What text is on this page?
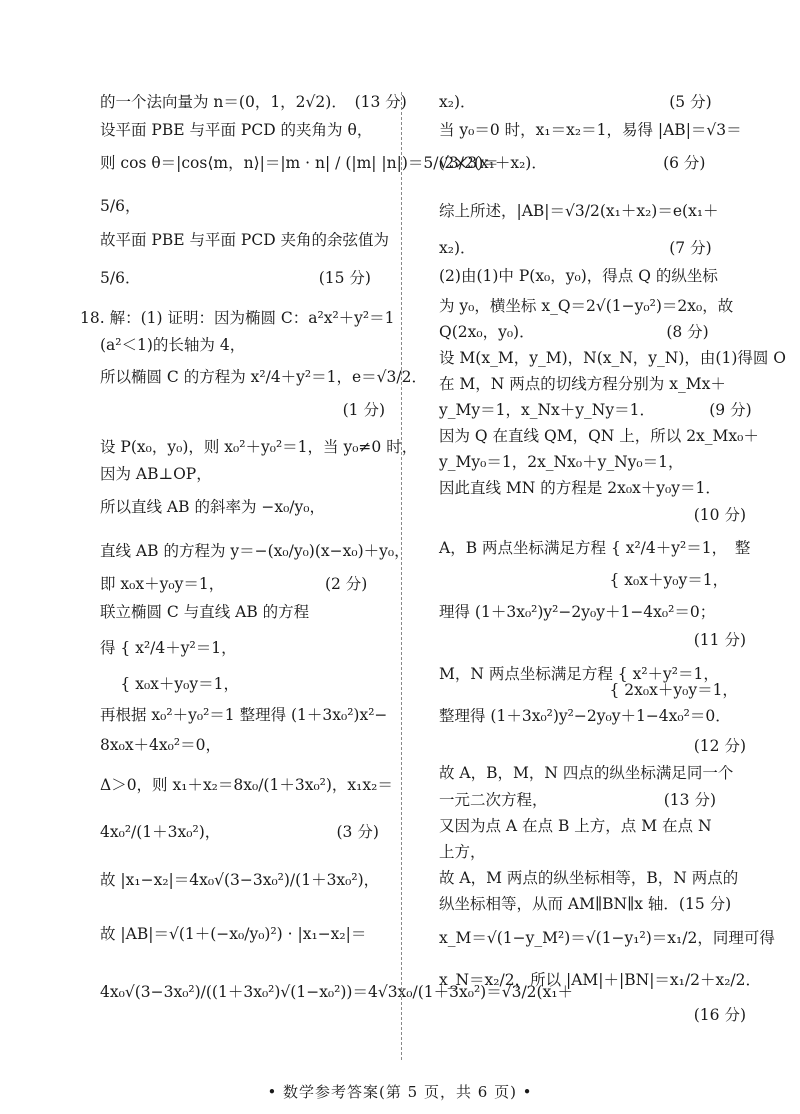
的一个法向量为 n＝(0，1，2√2)．　(13 分)
设平面 PBE 与平面 PCD 的夹角为 θ，
则 cos θ＝|cos⟨m，n⟩|＝|m · n| / (|m| |n|)＝5/(2×3)＝
5/6，
故平面 PBE 与平面 PCD 夹角的余弦值为
5/6．　　　　　　　　　　　　(15 分)
18. 解：(1) 证明：因为椭圆 C：a²x²＋y²＝1
(a²＜1)的长轴为 4，
所以椭圆 C 的方程为 x²/4＋y²＝1，e＝√3/2．
(1 分)
设 P(x₀，y₀)，则 x₀²＋y₀²＝1，当 y₀≠0 时，
因为 AB⊥OP，
所以直线 AB 的斜率为 −x₀/y₀，
直线 AB 的方程为 y＝−(x₀/y₀)(x−x₀)＋y₀，
即 x₀x＋y₀y＝1，　　　　　　　(2 分)
联立椭圆 C 与直线 AB 的方程
得 { x²/4＋y²＝1，
　 { x₀x＋y₀y＝1，
再根据 x₀²＋y₀²＝1 整理得 (1＋3x₀²)x²−
8x₀x＋4x₀²＝0，
Δ＞0，则 x₁＋x₂＝8x₀/(1＋3x₀²)，x₁x₂＝
4x₀²/(1＋3x₀²)，　　　　　　　　(3 分)
故 |x₁−x₂|＝4x₀√(3−3x₀²)/(1＋3x₀²)，
故 |AB|＝√(1＋(−x₀/y₀)²) · |x₁−x₂|＝
4x₀√(3−3x₀²)/((1＋3x₀²)√(1−x₀²))＝4√3x₀/(1＋3x₀²)＝√3/2(x₁＋
x₂)．　　　　　　　　　　　　　(5 分)
当 y₀＝0 时，x₁＝x₂＝1，易得 |AB|＝√3＝
√3/2(x₁＋x₂)．　　　　　　　　(6 分)
综上所述，|AB|＝√3/2(x₁＋x₂)＝e(x₁＋
x₂)．　　　　　　　　　　　　　(7 分)
(2)由(1)中 P(x₀，y₀)，得点 Q 的纵坐标
为 y₀，横坐标 x_Q＝2√(1−y₀²)＝2x₀，故
Q(2x₀，y₀)．　　　　　　　　　(8 分)
设 M(x_M，y_M)，N(x_N，y_N)，由(1)得圆 O
在 M，N 两点的切线方程分别为 x_Mx＋
y_My＝1，x_Nx＋y_Ny＝1．　　　　(9 分)
因为 Q 在直线 QM，QN 上，所以 2x_Mx₀＋
y_My₀＝1，2x_Nx₀＋y_Ny₀＝1，
因此直线 MN 的方程是 2x₀x＋y₀y＝1．
(10 分)
A，B 两点坐标满足方程 { x²/4＋y²＝1，　整
　　　　　　　　　　　{ x₀x＋y₀y＝1，
理得 (1＋3x₀²)y²−2y₀y＋1−4x₀²＝0；
(11 分)
M，N 两点坐标满足方程 { x²＋y²＝1，
　　　　　　　　　　　{ 2x₀x＋y₀y＝1，
整理得 (1＋3x₀²)y²−2y₀y＋1−4x₀²＝0．
(12 分)
故 A，B，M，N 四点的纵坐标满足同一个
一元二次方程，　　　　　　　　(13 分)
又因为点 A 在点 B 上方，点 M 在点 N
上方，
故 A，M 两点的纵坐标相等，B，N 两点的
纵坐标相等，从而 AM∥BN∥x 轴．(15 分)
x_M＝√(1−y_M²)＝√(1−y₁²)＝x₁/2，同理可得
x_N＝x₂/2，所以 |AM|＋|BN|＝x₁/2＋x₂/2．
(16 分)
• 数学参考答案(第 5 页，共 6 页) •
